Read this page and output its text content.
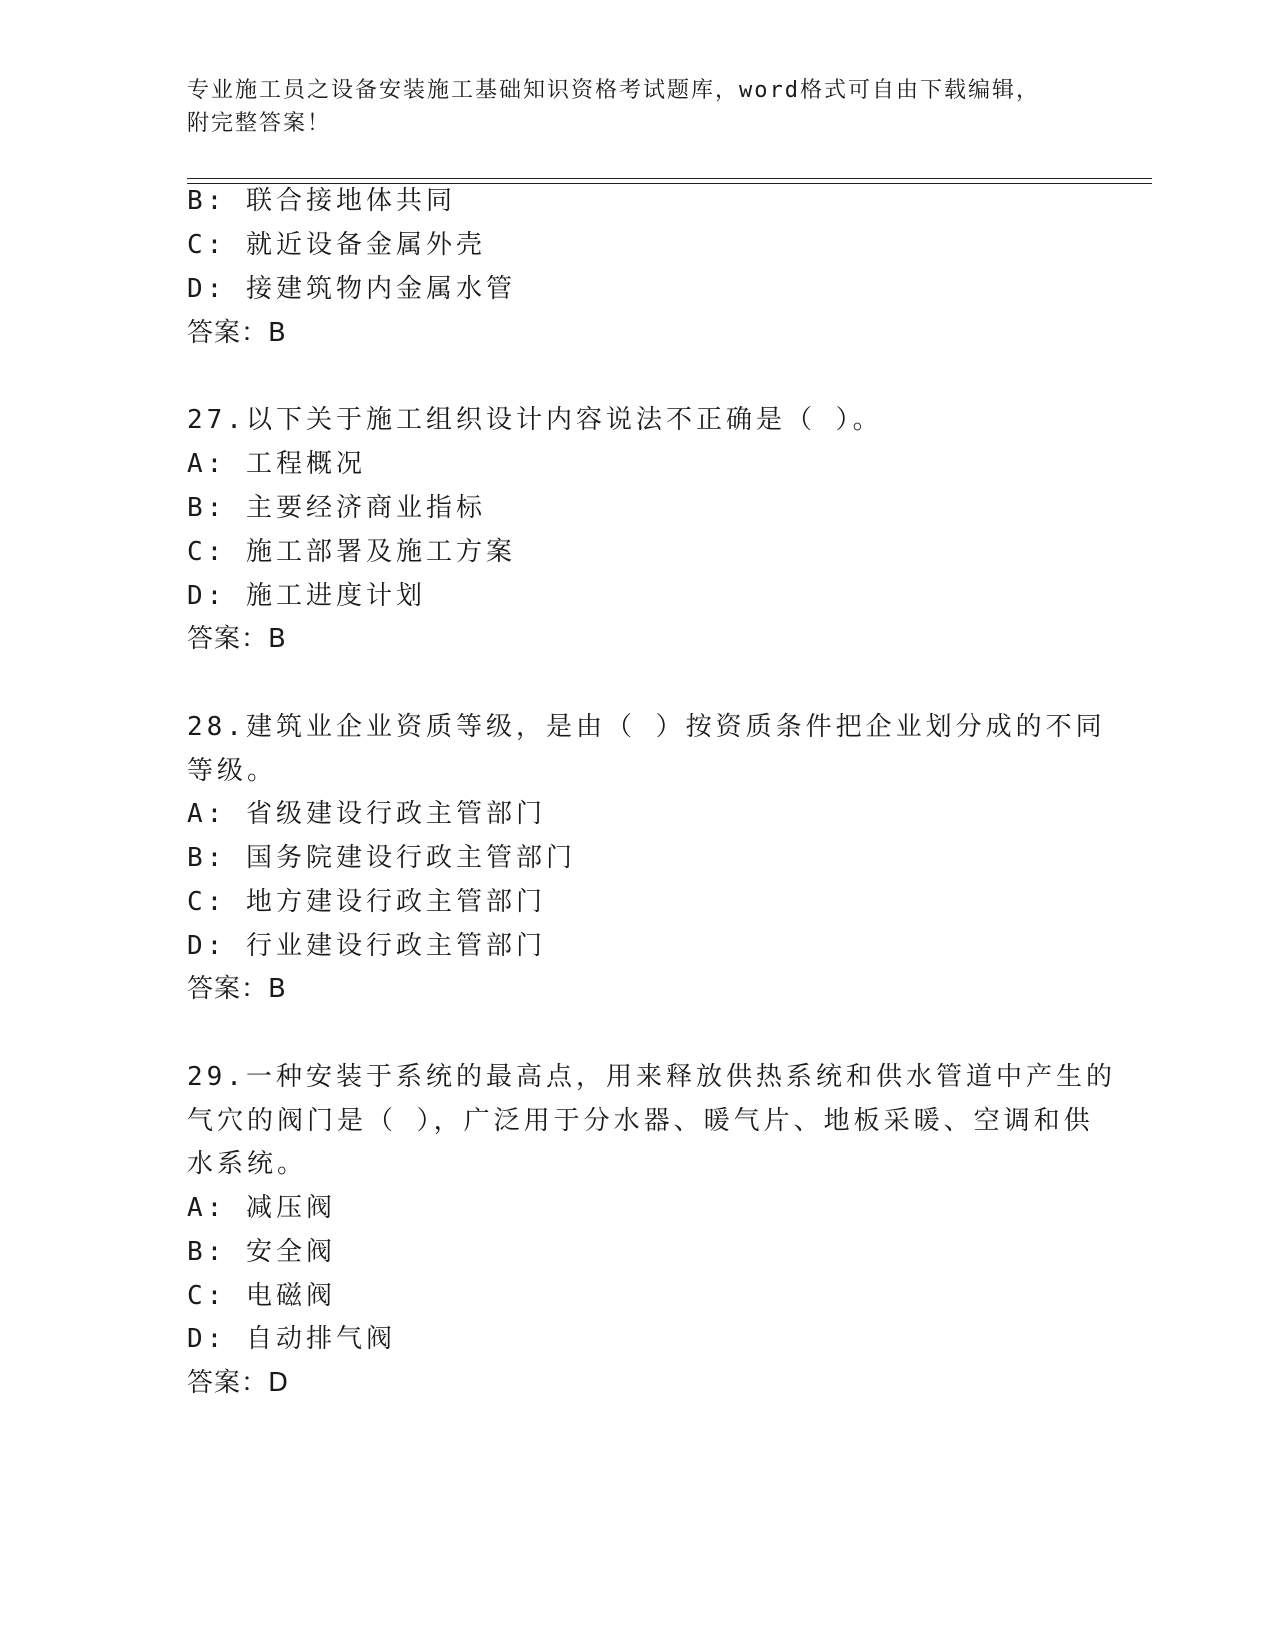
专业施工员之设备安装施工基础知识资格考试题库，word格式可自由下载编辑，
附完整答案！
B: 联合接地体共同
C: 就近设备金属外壳
D: 接建筑物内金属水管
答案：B
27.以下关于施工组织设计内容说法不正确是（ ）。
A: 工程概况
B: 主要经济商业指标
C: 施工部署及施工方案
D: 施工进度计划
答案：B
28.建筑业企业资质等级，是由（ ）按资质条件把企业划分成的不同
等级。
A: 省级建设行政主管部门
B: 国务院建设行政主管部门
C: 地方建设行政主管部门
D: 行业建设行政主管部门
答案：B
29.一种安装于系统的最高点，用来释放供热系统和供水管道中产生的
气穴的阀门是（ ），广泛用于分水器、暖气片、地板采暖、空调和供
水系统。
A: 减压阀
B: 安全阀
C: 电磁阀
D: 自动排气阀
答案：D
